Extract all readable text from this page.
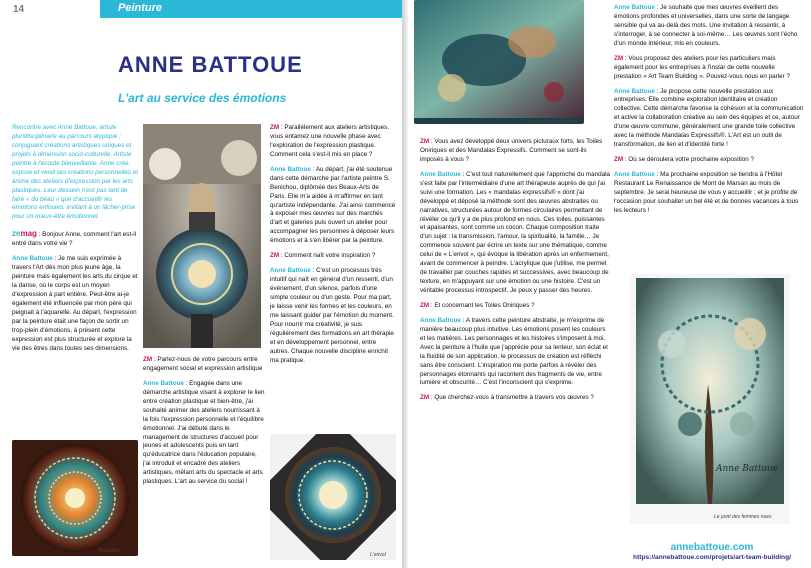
14	Peinture
ANNE BATTOUE
L'art au service des émotions

Rencontre avec Anne Battoue, artiste pluridisciplinaire au parcours atypique ; conjuguant créations artistiques uniques et projets à dimension socio-culturelle. Artiste peintre à l'écoute bienveillante, Anne crée, expose et vend ses créations personnelles et anime des ateliers d'expression par les arts plastiques. Leur dessein n'est pas tant de faire « du beau » que d'accueillir les émotions enfouies, invitant à un lâcher-prise pour un mieux-être émotionnel.

zemag : Bonjour Anne, comment l'art est-il entré dans votre vie ?

Anne Battoue : Je me suis exprimée à travers l'Art dès mon plus jeune âge, la peinture mais également les arts du cirque et la danse, où le corps est un moyen d'expression à part entière. Peut-être ai-je également été influencée par mon père qui peignait à l'aquarelle. Au départ, l'expression par la peinture était une façon de sortir un trop-plein d'émotions, à présent cette expression est plus structurée et explore la vie des êtres dans toutes ses dimensions.

ZM : Parlez-nous de votre parcours entre engagement social et expression artistique

Anne Battoue : Engagée dans une démarche artistique visant à explorer le lien entre création plastique et bien-être, j'ai souhaité animer des ateliers nourrissant à la fois l'expression personnelle et l'équilibre émotionnel. J'ai débuté dans le management de structures d'accueil pour jeunes et adolescents puis en tant qu'éducatrice dans l'éducation populaire, j'ai introduit et encadré des ateliers artistiques, mêlant arts du spectacle et arts plastiques. L'art au service du social !

Transition

ZM : Parallèlement aux ateliers artistiques, vous entamez une nouvelle phase avec l'exploration de l'expression plastique. Comment cela s'est-il mis en place ?

Anne Battoue : Au départ, j'ai été soutenue dans cette démarche par l'artiste peintre S. Benichou, diplômée des Beaux-Arts de Paris. Elle m'a aidée à m'affirmer en tant qu'artiste indépendante. J'ai ainsi commencé à exposer mes œuvres sur des marchés d'art et galeries puis ouvert un atelier pour accompagner les personnes à déposer leurs émotions et à s'en libérer par la peinture.

ZM : Comment naît votre inspiration ?

Anne Battoue : C'est un processus très intuitif qui naît en général d'un ressenti, d'un événement, d'un silence, parfois d'une simple couleur ou d'un geste. Pour ma part, je laisse venir les formes et les couleurs, en me laissant guider par l'émotion du moment. Pour nourrir ma créativité, je suis régulièrement des formations en art thérapie et en développement personnel, entre autres. Chaque nouvelle discipline enrichit ma pratique.

L'envol
Le chant des baleines

ZM : Vous avez développé deux univers picturaux forts, les Toiles Oniriques et des Mandalas Expressifs. Comment se sont-ils imposés à vous ?

Anne Battoue : C'est tout naturellement que l'approche du mandala s'est faite par l'intermédiaire d'une art thérapeute auprès de qui j'ai suivi une formation. Les « mandalas expressifs® » dont j'ai développé et déposé la méthode sont des œuvres abstraites ou narratives, structurées autour de formes circulaires permettant de révéler ce qu'il y a de plus profond en nous. Ces toiles, puissantes et apaisantes, sont comme un cocon. Chaque composition traite d'un sujet : la transmission, l'amour, la spiritualité, la famille… Je commence souvent par écrire un texte sur une thématique, comme celui de « L'envol », qui évoque la libération après un enfermement, avant de commencer à peindre. L'acrylique que j'utilise, me permet de travailler par couches rapides et successives, avec beaucoup de texture, en m'appuyant sur une émotion ou une histoire. C'est un véritable processus introspectif. Je peux y passer des heures.

ZM : Et concernant les Toiles Oniriques ?

Anne Battoue : A travers cette peinture abstraite, je m'exprime de manière beaucoup plus intuitive. Les émotions posent les couleurs et les matières. Les personnages et les histoires s'imposent à moi. Avec la peinture à l'huile que j'apprécie pour sa lenteur, son éclat et la fluidité de son application, le processus de création est réfléchi sans être conscient. L'inspiration me porte parfois à révéler des personnages étonnants qui racontent des fragments de vie, entre lumière et obscurité… C'est l'inconscient qui s'exprime.

ZM : Que cherchez-vous à transmettre à travers vos œuvres ?

Anne Battoue : Je souhaite que mes œuvres éveillent des émotions profondes et universelles, dans une sorte de langage sensible qui va au-delà des mots. Une invitation à ressentir, à s'interroger, à se connecter à soi-même… Les œuvres sont l'écho d'un monde intérieur, mis en couleurs.

ZM : Vous proposez des ateliers pour les particuliers mais également pour les entreprises à l'instar de cette nouvelle prestation « Art Team Building ». Pouvez-vous nous en parler ?

Anne Battoue : Je propose cette nouvelle prestation aux entreprises. Elle combine exploration identitaire et création collective. Cette démarche favorise la cohésion et la communication et active la collaboration créative au sein des équipes et ce, autour d'une œuvre commune, généralement une grande toile collective avec la méthode Mandalas Expressifs®. L'Art est un outil de transformation, de lien et d'identité forte !

ZM : Où se déroulera votre prochaine exposition ?

Anne Battoue : Ma prochaine exposition se tiendra à l'Hôtel Restaurant Le Renaissance de Mont de Marsan au mois de septembre. Je serai heureuse de vous y accueillir ; et je profite de l'occasion pour souhaiter un bel été et de bonnes vacances à tous les lecteurs !

Anne Battoue
Le pont des femmes nues
annebattoue.com
https://annebattoue.com/projets/art-team-building/
